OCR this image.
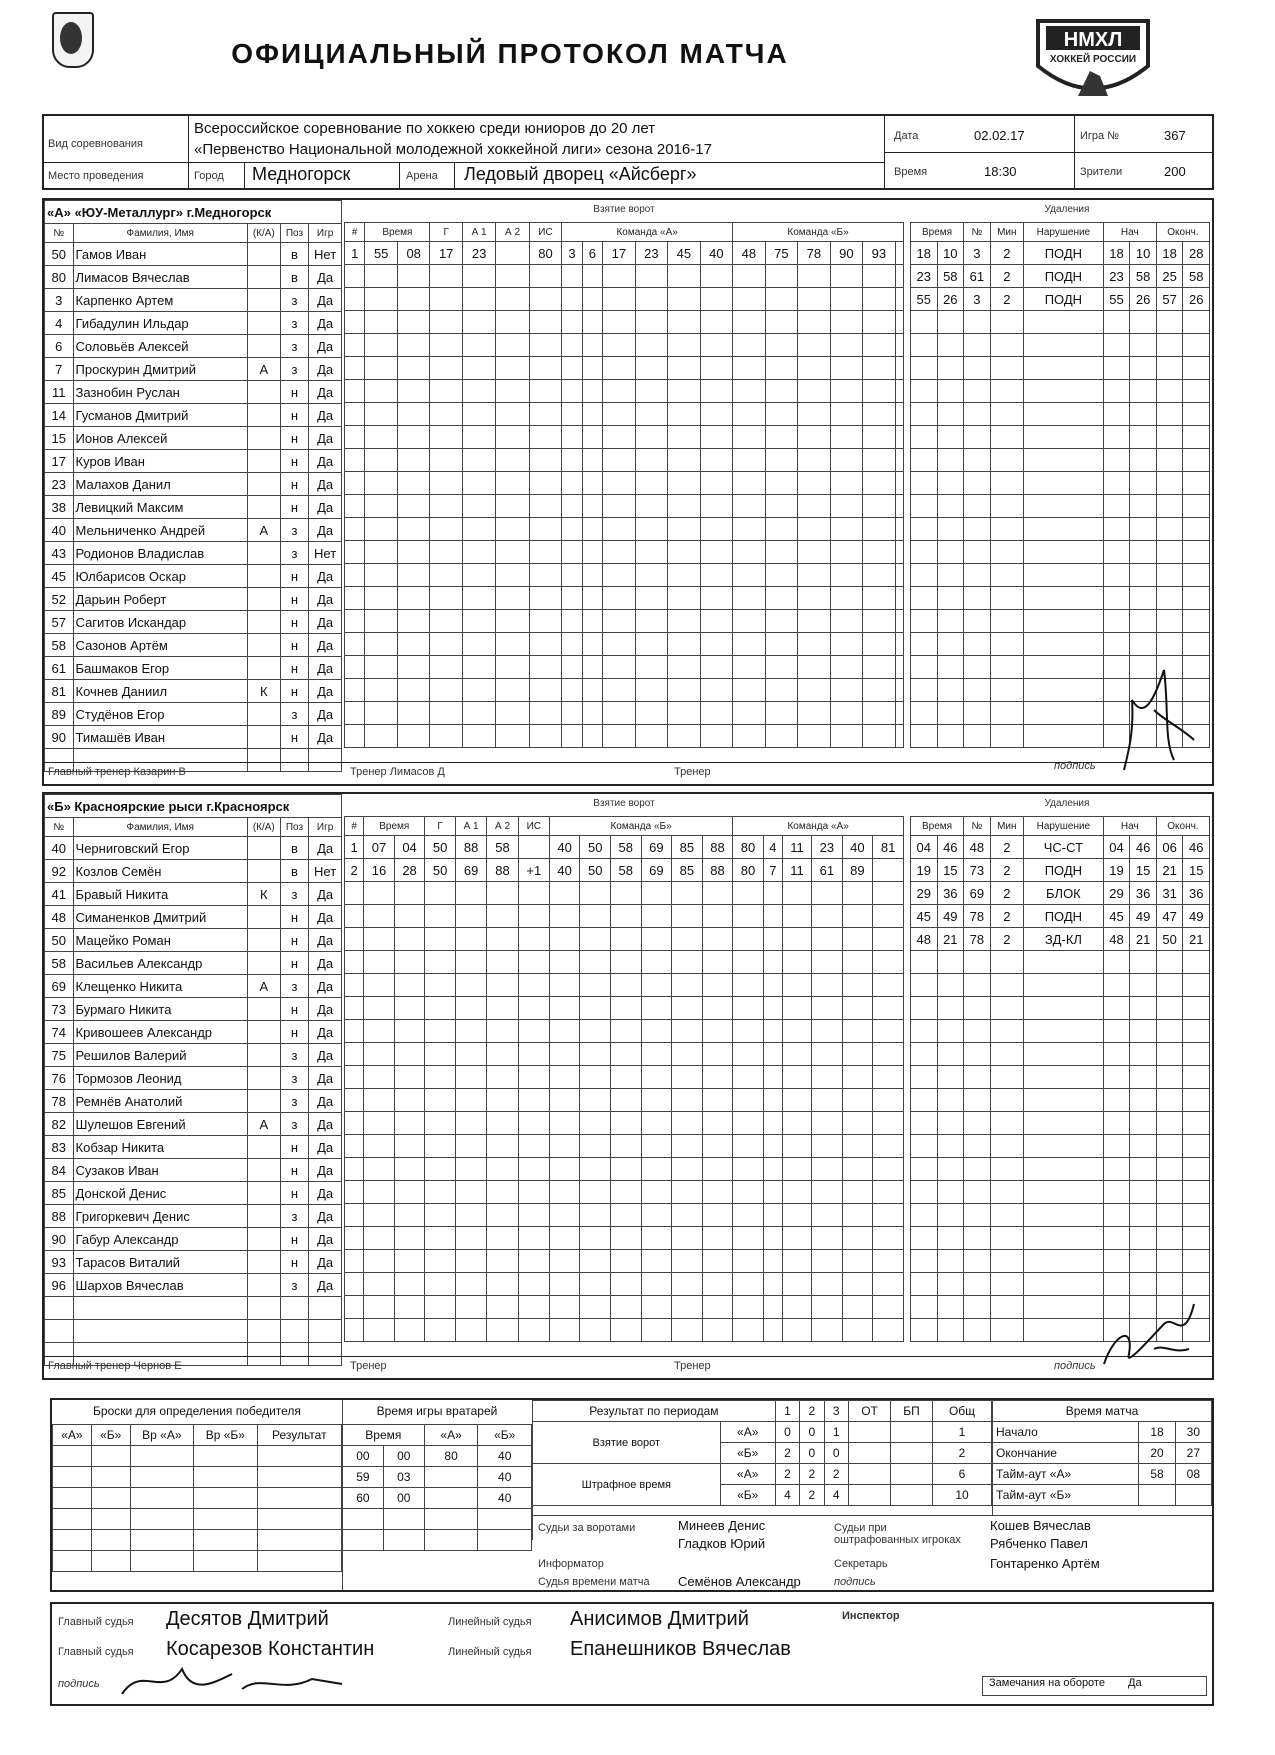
ОФИЦИАЛЬНЫЙ ПРОТОКОЛ МАТЧА	НМХЛ
ХОККЕЙ РОССИИ
Вид соревнования
Всероссийское соревнование по хоккею среди юниоров до 20 лет
«Первенство Национальной молодежной хоккейной лиги» сезона 2016-17
Место проведения	Город Медногорск	Арена Ледовый дворец «Айсберг»
Дата	02.02.17	Игра №	367
Время	18:30	Зрители	200
«А» «ЮУ-Металлург» г.Медногорск				
№	Фамилия, Имя	(К/А)	Поз	Игр
50	Гамов Иван		в	Нет
80	Лимасов Вячеслав		в	Да
3	Карпенко Артем		з	Да
4	Гибадулин Ильдар		з	Да
6	Соловьёв Алексей		з	Да
7	Проскурин Дмитрий	А	з	Да
11	Зазнобин Руслан		н	Да
14	Гусманов Дмитрий		н	Да
15	Ионов Алексей		н	Да
17	Куров Иван		н	Да
23	Малахов Данил		н	Да
38	Левицкий Максим		н	Да
40	Мельниченко Андрей	А	з	Да
43	Родионов Владислав		з	Нет
45	Юлбарисов Оскар		н	Да
52	Дарьин Роберт		н	Да
57	Сагитов Искандар		н	Да
58	Сазонов Артём		н	Да
61	Башмаков Егор		н	Да
81	Кочнев Даниил	К	н	Да
89	Студёнов Егор		з	Да
90	Тимашёв Иван		н	Да

Взятие ворот
#	Время		Г	А 1	А 2	ИС	Команда «А»						Команда «Б»					
1	55	08	17	23		80	3	6	17	23	45	40	48	75	78	90	93	

Удаления
Время		№	Мин	Нарушение	Нач		Оконч.	
18	10	3	2	ПОДН	18	10	18	28
23	58	61	2	ПОДН	23	58	25	58
55	26	3	2	ПОДН	55	26	57	26

Главный тренер Казарин В	Тренер Лимасов Д	Тренер	подпись
«Б» Красноярские рыси г.Красноярск				
№	Фамилия, Имя	(К/А)	Поз	Игр
40	Черниговский Егор		в	Да
92	Козлов Семён		в	Нет
41	Бравый Никита	К	з	Да
48	Симаненков Дмитрий		н	Да
50	Мацейко Роман		н	Да
58	Васильев Александр		н	Да
69	Клещенко Никита	А	з	Да
73	Бурмаго Никита		н	Да
74	Кривошеев Александр		н	Да
75	Решилов Валерий		з	Да
76	Тормозов Леонид		з	Да
78	Ремнёв Анатолий		з	Да
82	Шулешов Евгений	А	з	Да
83	Кобзар Никита		н	Да
84	Сузаков Иван		н	Да
85	Донской Денис		н	Да
88	Григоркевич Денис		з	Да
90	Габур Александр		н	Да
93	Тарасов Виталий		н	Да
96	Шархов Вячеслав		з	Да

Взятие ворот
#	Время		Г	А 1	А 2	ИС	Команда «Б»						Команда «А»					
1	07	04	50	88	58		40	50	58	69	85	88	80	4	11	23	40	81
2	16	28	50	69	88	+1	40	50	58	69	85	88	80	7	11	61	89	

Удаления
Время		№	Мин	Нарушение	Нач		Оконч.	
04	46	48	2	ЧС-СТ	04	46	06	46
19	15	73	2	ПОДН	19	15	21	15
29	36	69	2	БЛОК	29	36	31	36
45	49	78	2	ПОДН	45	49	47	49
48	21	78	2	ЗД-КЛ	48	21	50	21

Главный тренер Чернов Е	Тренер	Тренер	подпись
Броски для определения победителя
«А»	«Б»	Вр «А»	Вр «Б»	Результат

Время игры вратарей
Время		«А»	«Б»
00	00	80	40
59	03		40
60	00		40

Результат по периодам		1	2	3	ОТ	БП	Общ
Взятие ворот	«А»	0	0	1			1
	«Б»	2	0	0			2
Штрафное время	«А»	2	2	2			6
	«Б»	4	2	4			10
Время матча		
Начало	18	30
Окончание	20	27
Тайм-аут «А»	58	08
Тайм-аут «Б»		
Судьи за воротами	Минеев Денис
Гладков Юрий
Судьи при оштрафованных игроках
Кошев Вячеслав
Рябченко Павел
Информатор	Секретарь	Гонтаренко Артём
Судья времени матча Семёнов Александр	подпись
Главный судья Десятов Дмитрий
Главный судья Косарезов Константин
Линейный судья Анисимов Дмитрий
Линейный судья Епанешников Вячеслав
Инспектор
подпись	Замечания на обороте Да
